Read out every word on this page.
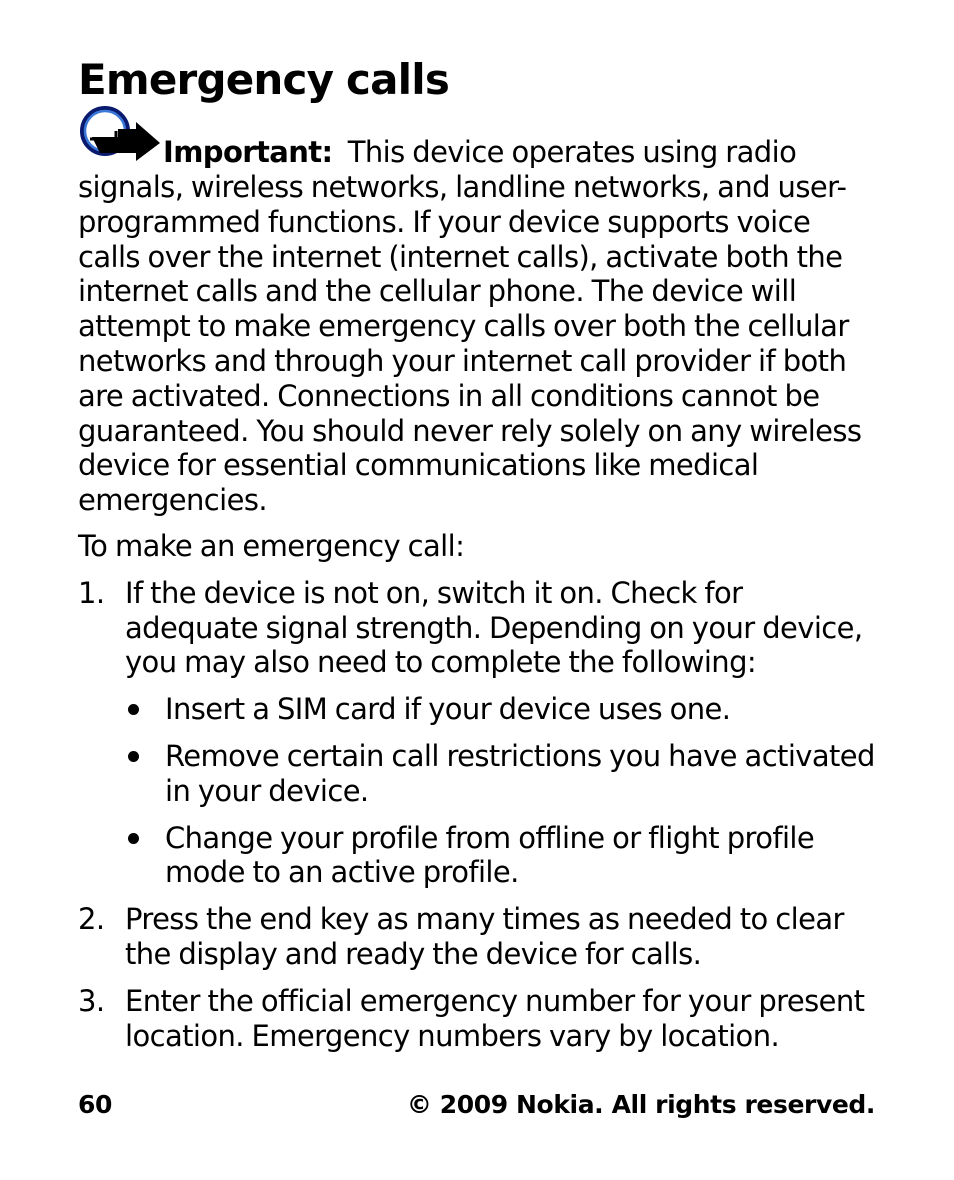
Emergency calls

Important: This device operates using radio signals, wireless networks, landline networks, and user-programmed functions. If your device supports voice calls over the internet (internet calls), activate both the internet calls and the cellular phone. The device will attempt to make emergency calls over both the cellular networks and through your internet call provider if both are activated. Connections in all conditions cannot be guaranteed. You should never rely solely on any wireless device for essential communications like medical emergencies.

To make an emergency call:

1. If the device is not on, switch it on. Check for adequate signal strength. Depending on your device, you may also need to complete the following:
Insert a SIM card if your device uses one.
Remove certain call restrictions you have activated in your device.
Change your profile from offline or flight profile mode to an active profile.
2. Press the end key as many times as needed to clear the display and ready the device for calls.
3. Enter the official emergency number for your present location. Emergency numbers vary by location.
60	© 2009 Nokia. All rights reserved.
